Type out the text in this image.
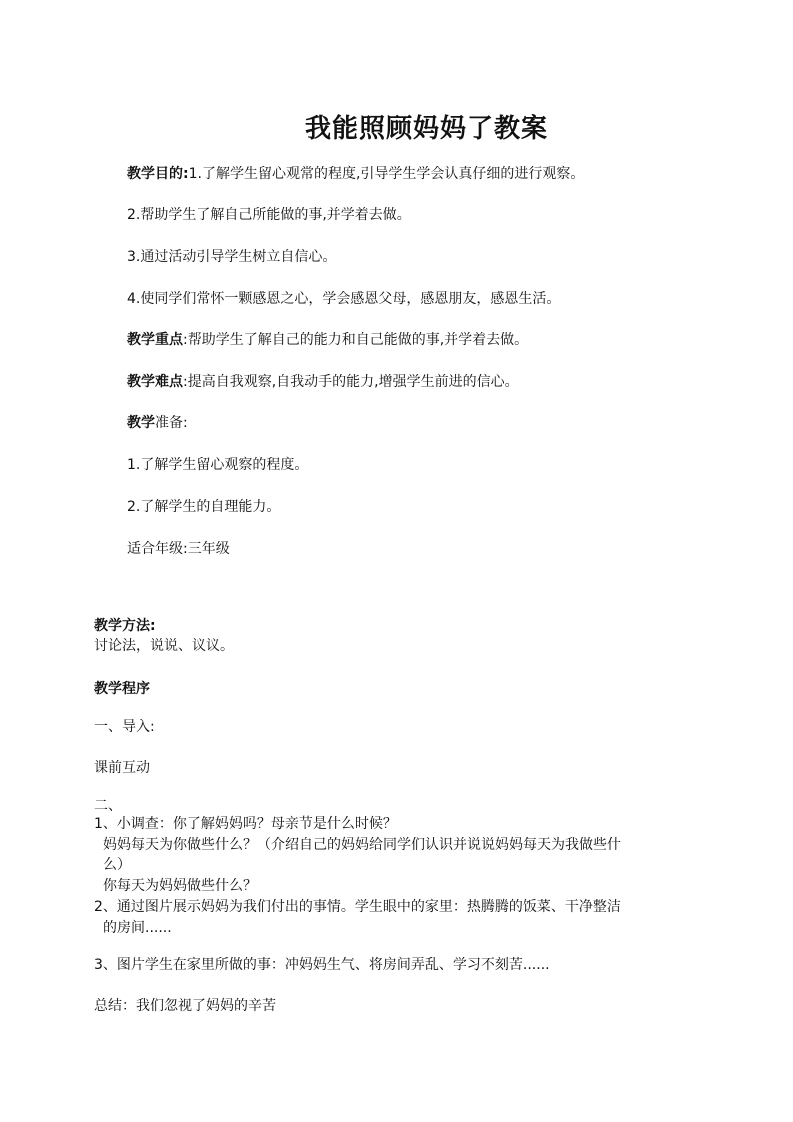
我能照顾妈妈了教案
教学目的:1.了解学生留心观常的程度,引导学生学会认真仔细的进行观察。
2.帮助学生了解自己所能做的事,并学着去做。
3.通过活动引导学生树立自信心。
4.使同学们常怀一颗感恩之心，学会感恩父母，感恩朋友，感恩生活。
教学重点:帮助学生了解自己的能力和自己能做的事,并学着去做。
教学难点:提高自我观察,自我动手的能力,增强学生前进的信心。
教学准备:
1.了解学生留心观察的程度。
2.了解学生的自理能力。
适合年级:三年级
教学方法:
讨论法，说说、议议。
教学程序
一、导入:
课前互动
二、
1、小调查：你了解妈妈吗？母亲节是什么时候？
妈妈每天为你做些什么？（介绍自己的妈妈给同学们认识并说说妈妈每天为我做些什
么）
你每天为妈妈做些什么？
2、通过图片展示妈妈为我们付出的事情。学生眼中的家里：热腾腾的饭菜、干净整洁
的房间......
3、图片学生在家里所做的事：冲妈妈生气、将房间弄乱、学习不刻苦......
总结：我们忽视了妈妈的辛苦
